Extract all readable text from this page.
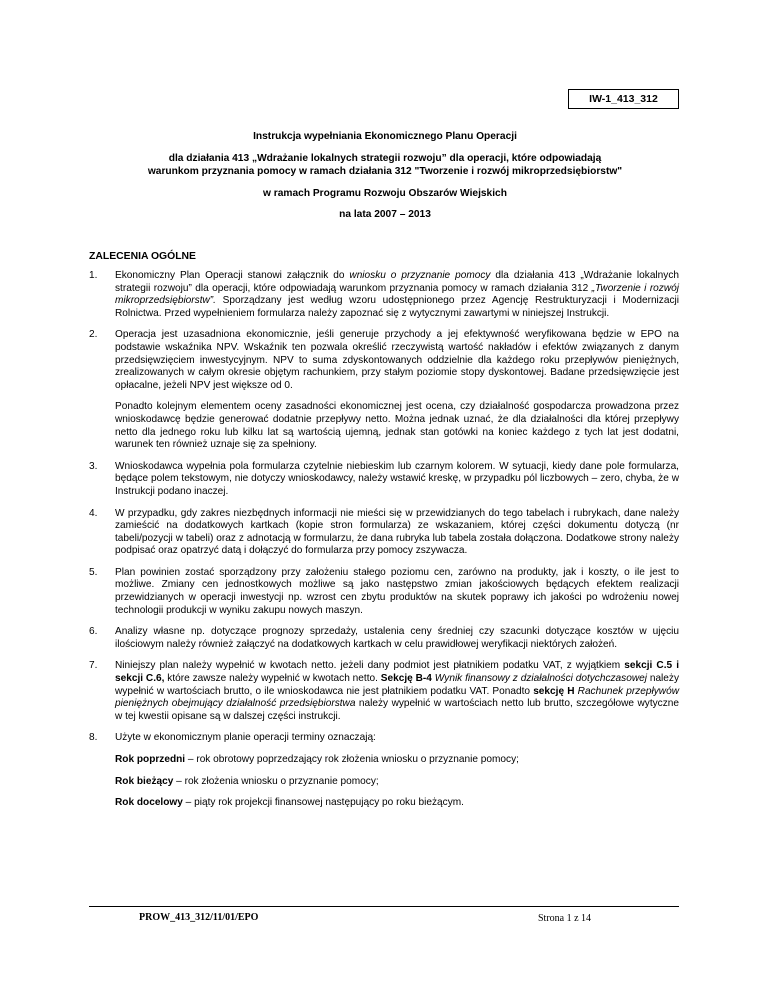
IW-1_413_312
Instrukcja wypełniania Ekonomicznego Planu Operacji
dla działania 413 „Wdrażanie lokalnych strategii rozwoju” dla operacji, które odpowiadają
warunkom przyznania pomocy w ramach działania 312 "Tworzenie i rozwój mikroprzedsiębiorstw"
w ramach Programu Rozwoju Obszarów Wiejskich
na lata 2007 – 2013
ZALECENIA OGÓLNE
1.	Ekonomiczny Plan Operacji stanowi załącznik do wniosku o przyznanie pomocy dla działania 413 „Wdrażanie lokalnych strategii rozwoju” dla operacji, które odpowiadają warunkom przyznania pomocy w ramach działania 312 „Tworzenie i rozwój mikroprzedsiębiorstw”. Sporządzany jest według wzoru udostępnionego przez Agencję Restrukturyzacji i Modernizacji Rolnictwa. Przed wypełnieniem formularza należy zapoznać się z wytycznymi zawartymi w niniejszej Instrukcji.

2.	Operacja jest uzasadniona ekonomicznie, jeśli generuje przychody a jej efektywność weryfikowana będzie w EPO na podstawie wskaźnika NPV. Wskaźnik ten pozwala określić rzeczywistą wartość nakładów i efektów związanych z danym przedsięwzięciem inwestycyjnym. NPV to suma zdyskontowanych oddzielnie dla każdego roku przepływów pieniężnych, zrealizowanych w całym okresie objętym rachunkiem, przy stałym poziomie stopy dyskontowej. Badane przedsięwzięcie jest opłacalne, jeżeli NPV jest większe od 0.

Ponadto kolejnym elementem oceny zasadności ekonomicznej jest ocena, czy działalność gospodarcza prowadzona przez wnioskodawcę będzie generować dodatnie przepływy netto. Można jednak uznać, że dla działalności dla której przepływy netto dla jednego roku lub kilku lat są wartością ujemną, jednak stan gotówki na koniec każdego z tych lat jest dodatni, warunek ten również uznaje się za spełniony.

3.	Wnioskodawca wypełnia pola formularza czytelnie niebieskim lub czarnym kolorem. W sytuacji, kiedy dane pole formularza, będące polem tekstowym, nie dotyczy wnioskodawcy, należy wstawić kreskę, w przypadku pól liczbowych – zero, chyba, że w Instrukcji podano inaczej.

4.	W przypadku, gdy zakres niezbędnych informacji nie mieści się w przewidzianych do tego tabelach i rubrykach, dane należy zamieścić na dodatkowych kartkach (kopie stron formularza) ze wskazaniem, której części dokumentu dotyczą (nr tabeli/pozycji w tabeli) oraz z adnotacją w formularzu, że dana rubryka lub tabela została dołączona. Dodatkowe strony należy podpisać oraz opatrzyć datą i dołączyć do formularza przy pomocy zszywacza.

5.	Plan powinien zostać sporządzony przy założeniu stałego poziomu cen, zarówno na produkty, jak i koszty, o ile jest to możliwe. Zmiany cen jednostkowych możliwe są jako następstwo zmian jakościowych będących efektem realizacji przewidzianych w operacji inwestycji np. wzrost cen zbytu produktów na skutek poprawy ich jakości po wdrożeniu nowej technologii produkcji w wyniku zakupu nowych maszyn.

6.	Analizy własne np. dotyczące prognozy sprzedaży, ustalenia ceny średniej czy szacunki dotyczące kosztów w ujęciu ilościowym należy również załączyć na dodatkowych kartkach w celu prawidłowej weryfikacji niektórych założeń.

7.	Niniejszy plan należy wypełnić w kwotach netto. jeżeli dany podmiot jest płatnikiem podatku VAT, z wyjątkiem sekcji C.5 i sekcji C.6, które zawsze należy wypełnić w kwotach netto. Sekcję B-4 Wynik finansowy z działalności dotychczasowej należy wypełnić w wartościach brutto, o ile wnioskodawca nie jest płatnikiem podatku VAT. Ponadto sekcję H Rachunek przepływów pieniężnych obejmujący działalność przedsiębiorstwa należy wypełnić w wartościach netto lub brutto, szczegółowe wytyczne w tej kwestii opisane są w dalszej części instrukcji.

8.	Użyte w ekonomicznym planie operacji terminy oznaczają:

Rok poprzedni – rok obrotowy poprzedzający rok złożenia wniosku o przyznanie pomocy;

Rok bieżący – rok złożenia wniosku o przyznanie pomocy;

Rok docelowy – piąty rok projekcji finansowej następujący po roku bieżącym.

PROW_413_312/11/01/EPO	Strona 1 z 14
